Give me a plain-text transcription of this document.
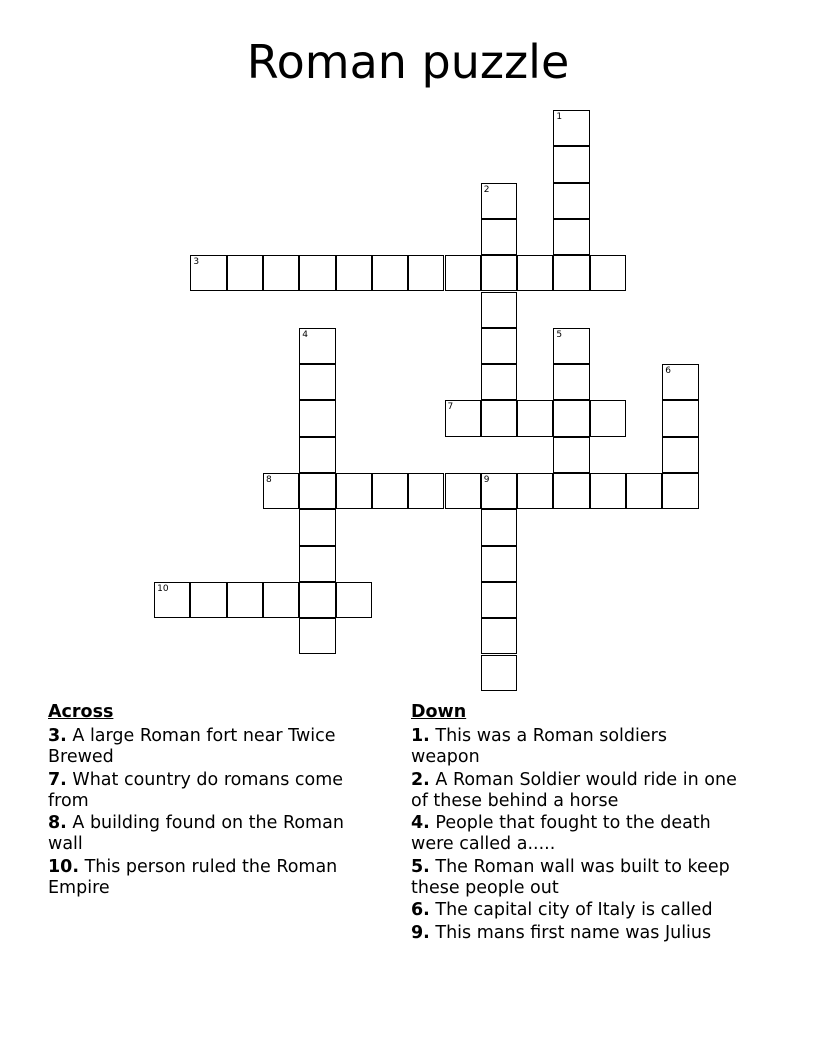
Roman puzzle
1
2
3
4	5
6
7
8	9
10
Across
3. A large Roman fort near Twice Brewed
7. What country do romans come from
8. A building found on the Roman wall
10. This person ruled the Roman Empire
Down
1. This was a Roman soldiers weapon
2. A Roman Soldier would ride in one of these behind a horse
4. People that fought to the death were called a.....
5. The Roman wall was built to keep these people out
6. The capital city of Italy is called
9. This mans first name was Julius
